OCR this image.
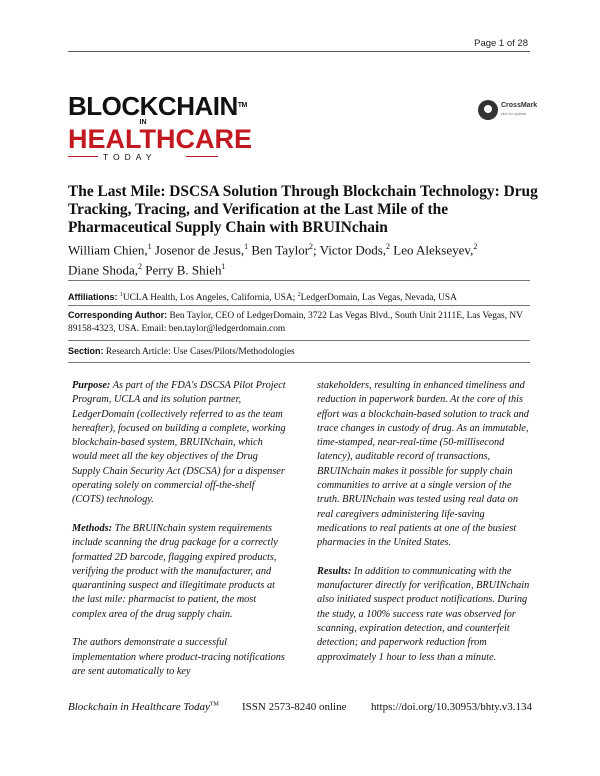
Page 1 of 28
BLOCKCHAIN™
IN
HEALTHCARE
TODAY
CrossMark
click for updates
The Last Mile: DSCSA Solution Through Blockchain Technology: Drug Tracking, Tracing, and Verification at the Last Mile of the Pharmaceutical Supply Chain with BRUINchain
William Chien,$^1$ Josenor de Jesus,$^1$ Ben Taylor$^2$; Victor Dods,$^2$ Leo Alekseyev,$^2$
Diane Shoda,$^2$ Perry B. Shieh$^1$
Affiliations: $^1$UCLA Health, Los Angeles, California, USA; $^2$LedgerDomain, Las Vegas, Nevada, USA
Corresponding Author: Ben Taylor, CEO of LedgerDomain, 3722 Las Vegas Blvd., South Unit 2111E, Las Vegas, NV 89158-4323, USA. Email: ben.taylor@ledgerdomain.com
Section: Research Article: Use Cases/Pilots/Methodologies

Purpose: As part of the FDA's DSCSA Pilot Project Program, UCLA and its solution partner, LedgerDomain (collectively referred to as the team hereafter), focused on building a complete, working blockchain-based system, BRUINchain, which would meet all the key objectives of the Drug Supply Chain Security Act (DSCSA) for a dispenser operating solely on commercial off-the-shelf (COTS) technology.

Methods: The BRUINchain system requirements include scanning the drug package for a correctly formatted 2D barcode, flagging expired products, verifying the product with the manufacturer, and quarantining suspect and illegitimate products at the last mile: pharmacist to patient, the most complex area of the drug supply chain.

The authors demonstrate a successful implementation where product-tracing notifications are sent automatically to key

stakeholders, resulting in enhanced timeliness and reduction in paperwork burden. At the core of this effort was a blockchain-based solution to track and trace changes in custody of drug. As an immutable, time-stamped, near-real-time (50-millisecond latency), auditable record of transactions, BRUINchain makes it possible for supply chain communities to arrive at a single version of the truth. BRUINchain was tested using real data on real caregivers administering life-saving medications to real patients at one of the busiest pharmacies in the United States.

Results: In addition to communicating with the manufacturer directly for verification, BRUINchain also initiated suspect product notifications. During the study, a 100% success rate was observed for scanning, expiration detection, and counterfeit detection; and paperwork reduction from approximately 1 hour to less than a minute.

Blockchain in Healthcare Today™ ISSN 2573-8240 online https://doi.org/10.30953/bhty.v3.134
